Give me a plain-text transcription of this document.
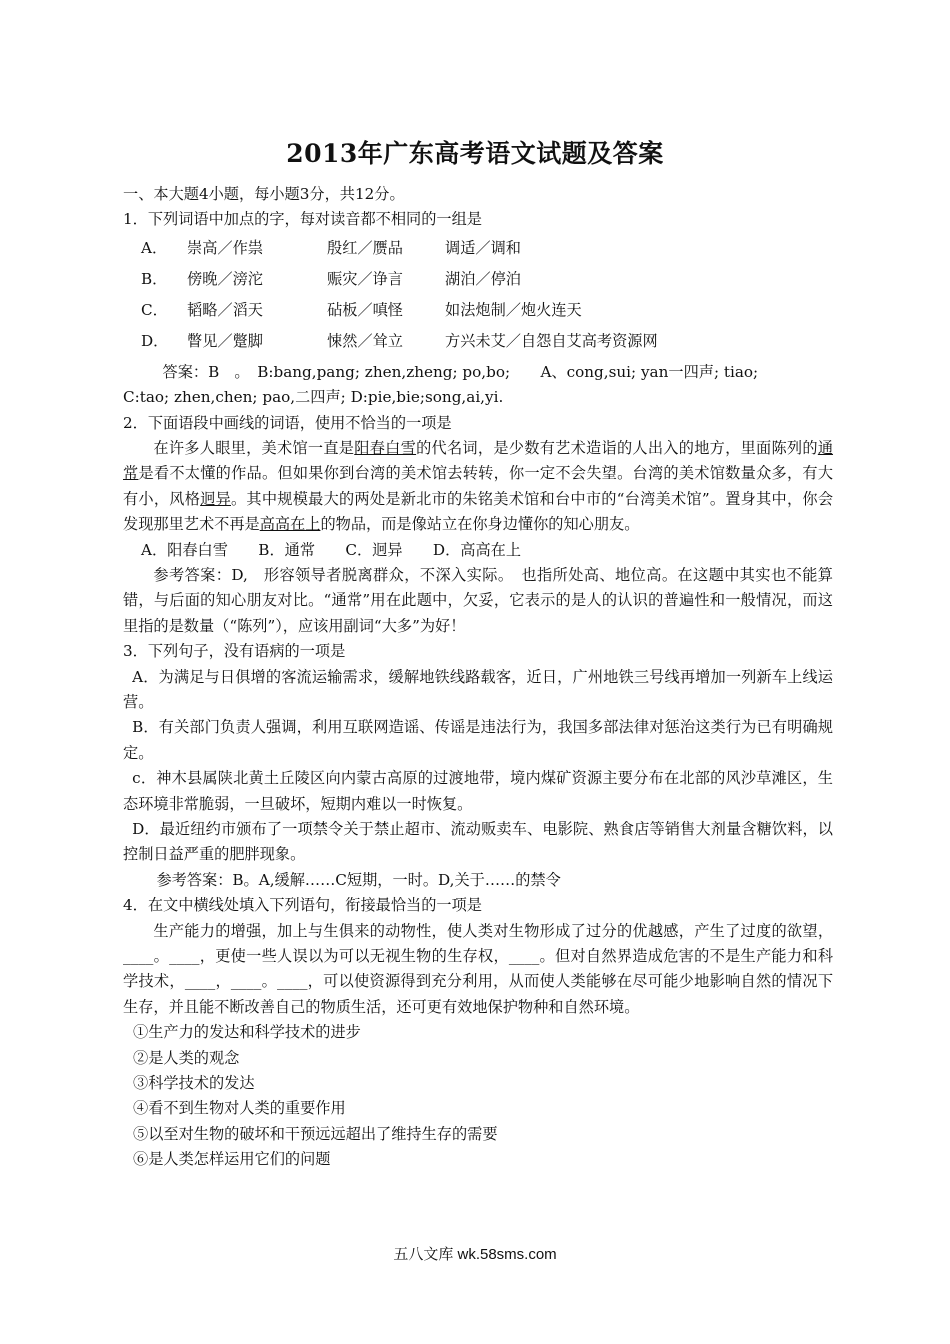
2013年广东高考语文试题及答案
一、本大题4小题，每小题3分，共12分。
1．下列词语中加点的字，每对读音都不相同的一组是
A． 崇高／作祟	殷红／赝品	调适／调和
B． 傍晚／滂沱	赈灾／诤言	湖泊／停泊
C． 韬略／滔天	砧板／嗔怪	如法炮制／炮火连天
D． 瞥见／蹩脚	悚然／耸立	方兴未艾／自怨自艾高考资源网
答案：B　。　B:bang,pang; zhen,zheng; po,bo;　　A、cong,sui; yan一四声; tiao;
C:tao; zhen,chen; pao,二四声; D:pie,bie;song,ai,yi.
2．下面语段中画线的词语，使用不恰当的一项是
在许多人眼里，美术馆一直是阳春白雪的代名词，是少数有艺术造诣的人出入的地方，里面陈列的通常是看不太懂的作品。但如果你到台湾的美术馆去转转，你一定不会失望。台湾的美术馆数量众多，有大有小，风格迥异。其中规模最大的两处是新北市的朱铭美术馆和台中市的“台湾美术馆”。置身其中，你会发现那里艺术不再是高高在上的物品，而是像站立在你身边懂你的知心朋友。
A．阳春白雪　　B．通常　　C．迥异　　D．高高在上
参考答案：D,　形容领导者脱离群众，不深入实际。　也指所处高、地位高。在这题中其实也不能算错，与后面的知心朋友对比。“通常”用在此题中，欠妥，它表示的是人的认识的普遍性和一般情况，而这里指的是数量（“陈列”），应该用副词“大多”为好！
3．下列句子，没有语病的一项是
A．为满足与日俱增的客流运输需求，缓解地铁线路载客，近日，广州地铁三号线再增加一列新车上线运营。
B．有关部门负责人强调，利用互联网造谣、传谣是违法行为，我国多部法律对惩治这类行为已有明确规定。
c．神木县属陕北黄土丘陵区向内蒙古高原的过渡地带，境内煤矿资源主要分布在北部的风沙草滩区，生态环境非常脆弱，一旦破坏，短期内难以一时恢复。
D．最近纽约市颁布了一项禁令关于禁止超市、流动贩卖车、电影院、熟食店等销售大剂量含糖饮料，以控制日益严重的肥胖现象。
参考答案：B。A,缓解……C短期，一时。D,关于……的禁令
4．在文中横线处填入下列语句，衔接最恰当的一项是
生产能力的增强，加上与生俱来的动物性，使人类对生物形成了过分的优越感，产生了过度的欲望，____。____，更使一些人误以为可以无视生物的生存权，____。但对自然界造成危害的不是生产能力和科学技术，____，____。____，可以使资源得到充分利用，从而使人类能够在尽可能少地影响自然的情况下生存，并且能不断改善自己的物质生活，还可更有效地保护物种和自然环境。
①生产力的发达和科学技术的进步
②是人类的观念
③科学技术的发达
④看不到生物对人类的重要作用
⑤以至对生物的破坏和干预远远超出了维持生存的需要
⑥是人类怎样运用它们的问题
五八文库 wk.58sms.com
